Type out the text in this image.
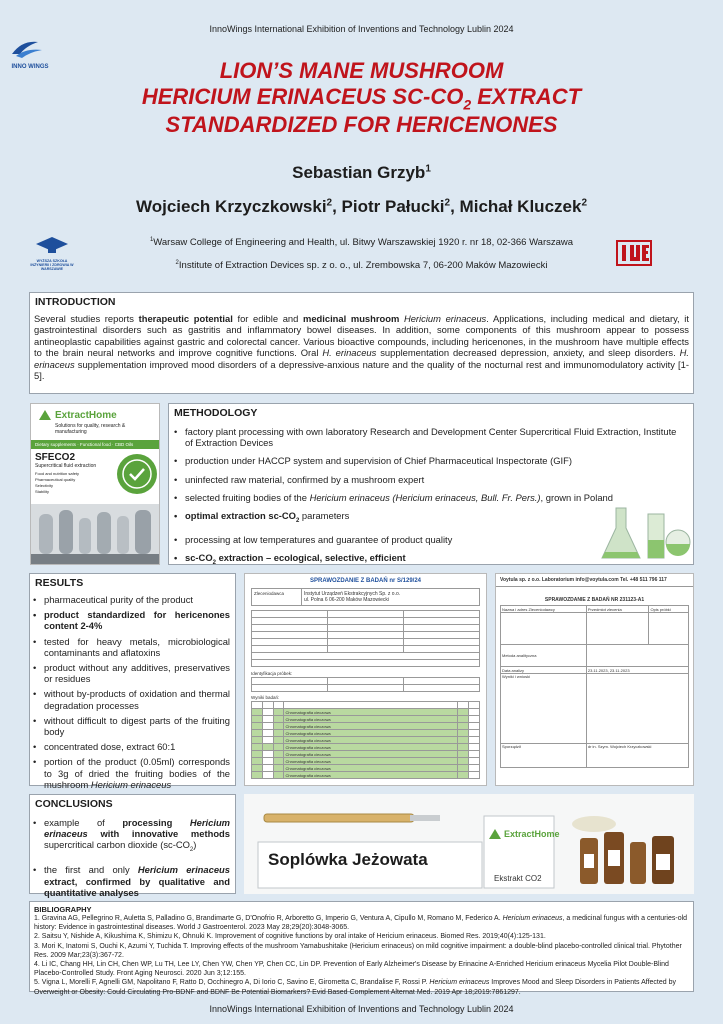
InnoWings International Exhibition of Inventions and Technology Lublin 2024
INNO WINGS	LION’S MANE MUSHROOM
HERICIUM ERINACEUS $SC-CO_2$ EXTRACT
STANDARDIZED FOR HERICENONES
Sebastian Grzyb$^1$
Wojciech Krzyczkowski$^2$, Piotr Pałucki$^2$, Michał Kluczek$^2$
WYŻSZA SZKOŁA INŻYNIERII I ZDROWIA W WARSZAWIE
$^1$Warsaw College of Engineering and Health, ul. Bitwy Warszawskiej 1920 r. nr 18, 02-366 Warszawa
$^2$Institute of Extraction Devices sp. z o. o., ul. Zrembowska 7, 06-200 Maków Mazowiecki
INTRODUCTION
Several studies reports therapeutic potential for edible and medicinal mushroom Hericium erinaceus. Applications, including medical and dietary, it gastrointestinal disorders such as gastritis and inflammatory bowel diseases. In addition, some components of this mushroom appear to possess antineoplastic capabilities against gastric and colorectal cancer. Various bioactive compounds, including hericenones, in the mushroom have multiple effects to the brain neural networks and improve cognitive functions. Oral H. erinaceus supplementation decreased depression, anxiety, and sleep disorders. H. erinaceus supplementation improved mood disorders of a depressive-anxious nature and the quality of the nocturnal rest and immunomodulatory activity [1-5].
ExtractHome
Solutions for quality, research & manufacturing
Dietary supplements · Functional food · CBD Oils
SFECO2
Supercritical fluid extraction
Food and nutrition safety
Pharmaceutical quality
Selectivity
Stability
METHODOLOGY
• factory plant processing with own laboratory Research and Development Center Supercritical Fluid Extraction, Institute of Extraction Devices
• production under HACCP system and supervision of Chief Pharmaceutical Inspectorate (GIF)
• uninfected raw material, confirmed by a mushroom expert
• selected fruiting bodies of the Hericium erinaceus (Hericium erinaceus, Bull. Fr. Pers.), grown in Poland
• optimal extraction $sc-CO_2$ parameters
• processing at low temperatures and guarantee of product quality
• $sc-CO_2$ extraction – ecological, selective, efficient
RESULTS
• pharmaceutical purity of the product
• product standardized for hericenones content 2-4%
• tested for heavy metals, microbiological contaminants and aflatoxins
• product without any additives, preservatives or residues
• without by-products of oxidation and thermal degradation processes
• without difficult to digest parts of the fruiting body
• concentrated dose, extract 60:1
• portion of the product (0.05ml) corresponds to 3g of dried the fruiting bodies of the mushroom Hericium erinaceus
SPRAWOZDANIE Z BADAŃ nr S/129/24
Zleceniodawca	Instytut Urządzeń Ekstrakcyjnych Sp. z o.o.
ul. Polna 6 06-200 Maków Mazowiecki

Identyfikacja próbek:

Wyniki badań:

			Chromatografia cieczowa		
			Chromatografia cieczowa		
			Chromatografia cieczowa		
			Chromatografia cieczowa		
			Chromatografia cieczowa		
			Chromatografia cieczowa		
			Chromatografia cieczowa		
			Chromatografia cieczowa		
			Chromatografia cieczowa		
			Chromatografia cieczowa		
Voytula sp. z o.o. Laboratorium info@voytula.com Tel. +48 511 796 117
SPRAWOZDANIE Z BADAŃ NR 231123-A1
Nazwa i adres Zleceniodawcy	Przedmiot zlecenia	Opis próbki

Metoda analityczna		
Data analizy	23.11.2023, 23.11.2023	
Wyniki i wnioski		
Sporządził	dr in. Szym. Wojciech Krzyczkowski	
CONCLUSIONS
• example of processing Hericium erinaceus with innovative methods supercritical carbon dioxide $(sc-CO_2)$
• the first and only Hericium erinaceus extract, confirmed by qualitative and quantitative analyses
Soplówka Jeżowata
ExtractHome
Ekstrakt CO2
BIBLIOGRAPHY
1. Gravina AG, Pellegrino R, Auletta S, Palladino G, Brandimarte G, D'Onofrio R, Arboretto G, Imperio G, Ventura A, Cipullo M, Romano M, Federico A. Hericium erinaceus, a medicinal fungus with a centuries-old history: Evidence in gastrointestinal diseases. World J Gastroenterol. 2023 May 28;29(20):3048-3065.
2. Saitsu Y, Nishide A, Kikushima K, Shimizu K, Ohnuki K. Improvement of cognitive functions by oral intake of Hericium erinaceus. Biomed Res. 2019;40(4):125-131.
3. Mori K, Inatomi S, Ouchi K, Azumi Y, Tuchida T. Improving effects of the mushroom Yamabushitake (Hericium erinaceus) on mild cognitive impairment: a double-blind placebo-controlled clinical trial. Phytother Res. 2009 Mar;23(3):367-72.
4. Li IC, Chang HH, Lin CH, Chen WP, Lu TH, Lee LY, Chen YW, Chen YP, Chen CC, Lin DP. Prevention of Early Alzheimer's Disease by Erinacine A-Enriched Hericium erinaceus Mycelia Pilot Double-Blind Placebo-Controlled Study. Front Aging Neurosci. 2020 Jun 3;12:155.
5. Vigna L, Morelli F, Agnelli GM, Napolitano F, Ratto D, Occhinegro A, Di Iorio C, Savino E, Girometta C, Brandalise F, Rossi P. Hericium erinaceus Improves Mood and Sleep Disorders in Patients Affected by Overweight or Obesity: Could Circulating Pro-BDNF and BDNF Be Potential Biomarkers? Evid Based Complement Alternat Med. 2019 Apr 18;2019:7861297.
InnoWings International Exhibition of Inventions and Technology Lublin 2024
